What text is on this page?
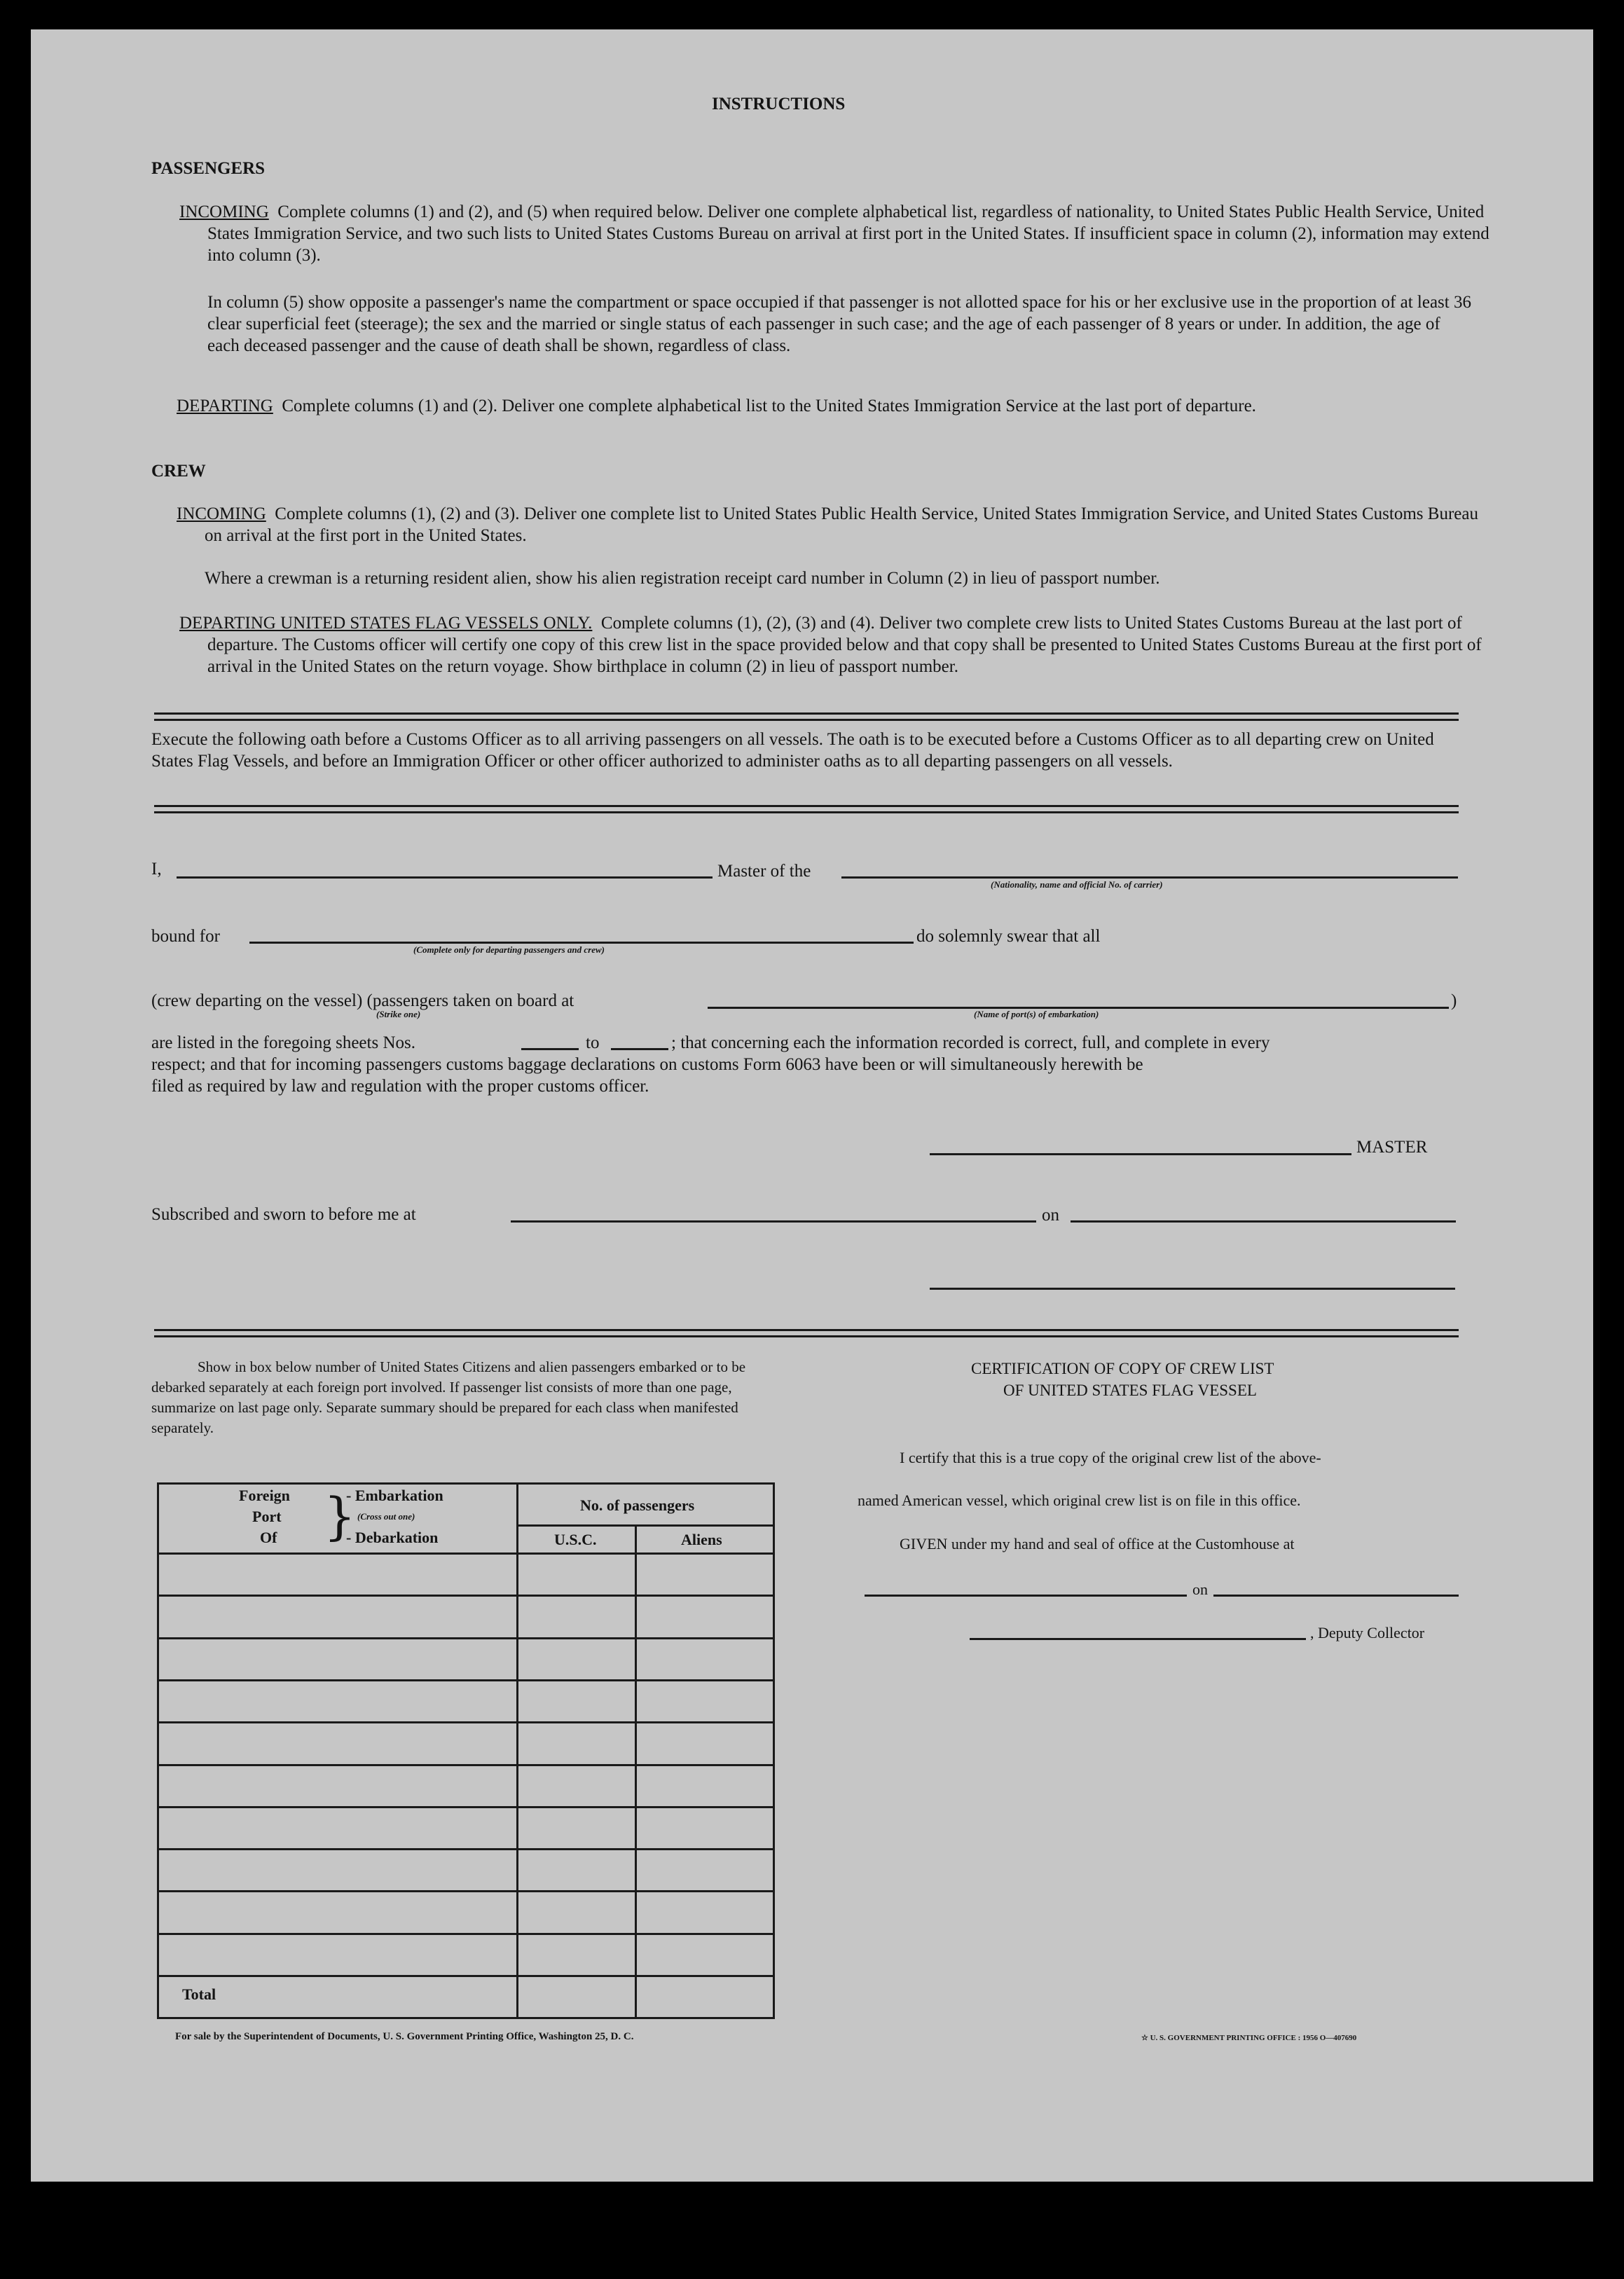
INSTRUCTIONS
PASSENGERS
INCOMING Complete columns (1) and (2), and (5) when required below. Deliver one complete alphabetical list, regardless of nationality, to United States Public Health Service, United States Immigration Service, and two such lists to United States Customs Bureau on arrival at first port in the United States. If insufficient space in column (2), information may extend into column (3).
In column (5) show opposite a passenger's name the compartment or space occupied if that passenger is not allotted space for his or her exclusive use in the proportion of at least 36 clear superficial feet (steerage); the sex and the married or single status of each passenger in such case; and the age of each passenger of 8 years or under. In addition, the age of each deceased passenger and the cause of death shall be shown, regardless of class.
DEPARTING Complete columns (1) and (2). Deliver one complete alphabetical list to the United States Immigration Service at the last port of departure.
CREW
INCOMING Complete columns (1), (2) and (3). Deliver one complete list to United States Public Health Service, United States Immigration Service, and United States Customs Bureau on arrival at the first port in the United States.
Where a crewman is a returning resident alien, show his alien registration receipt card number in Column (2) in lieu of passport number.
DEPARTING UNITED STATES FLAG VESSELS ONLY. Complete columns (1), (2), (3) and (4). Deliver two complete crew lists to United States Customs Bureau at the last port of departure. The Customs officer will certify one copy of this crew list in the space provided below and that copy shall be presented to United States Customs Bureau at the first port of arrival in the United States on the return voyage. Show birthplace in column (2) in lieu of passport number.
Execute the following oath before a Customs Officer as to all arriving passengers on all vessels. The oath is to be executed before a Customs Officer as to all departing crew on United States Flag Vessels, and before an Immigration Officer or other officer authorized to administer oaths as to all departing passengers on all vessels.
I,	Master of the
(Nationality, name and official No. of carrier)
bound for	do solemnly swear that all
(Complete only for departing passengers and crew)
(crew departing on the vessel) (passengers taken on board at	)
(Strike one)	(Name of port(s) of embarkation)
are listed in the foregoing sheets Nos.	to	; that concerning each the information recorded is correct, full, and complete in every
respect; and that for incoming passengers customs baggage declarations on customs Form 6063 have been or will simultaneously herewith be
filed as required by law and regulation with the proper customs officer.
MASTER
Subscribed and sworn to before me at	on
Show in box below number of United States Citizens and alien passengers embarked or to be debarked separately at each foreign port involved. If passenger list consists of more than one page, summarize on last page only. Separate summary should be prepared for each class when manifested separately.
Foreign
Port
Of }
- Embarkation
(Cross out one)
- Debarkation
No. of passengers
U.S.C.	Aliens
Total
CERTIFICATION OF COPY OF CREW LIST
OF UNITED STATES FLAG VESSEL
I certify that this is a true copy of the original crew list of the above-
named American vessel, which original crew list is on file in this office.
GIVEN under my hand and seal of office at the Customhouse at
on
, Deputy Collector
For sale by the Superintendent of Documents, U. S. Government Printing Office, Washington 25, D. C.	☆ U. S. GOVERNMENT PRINTING OFFICE : 1956 O—407690
